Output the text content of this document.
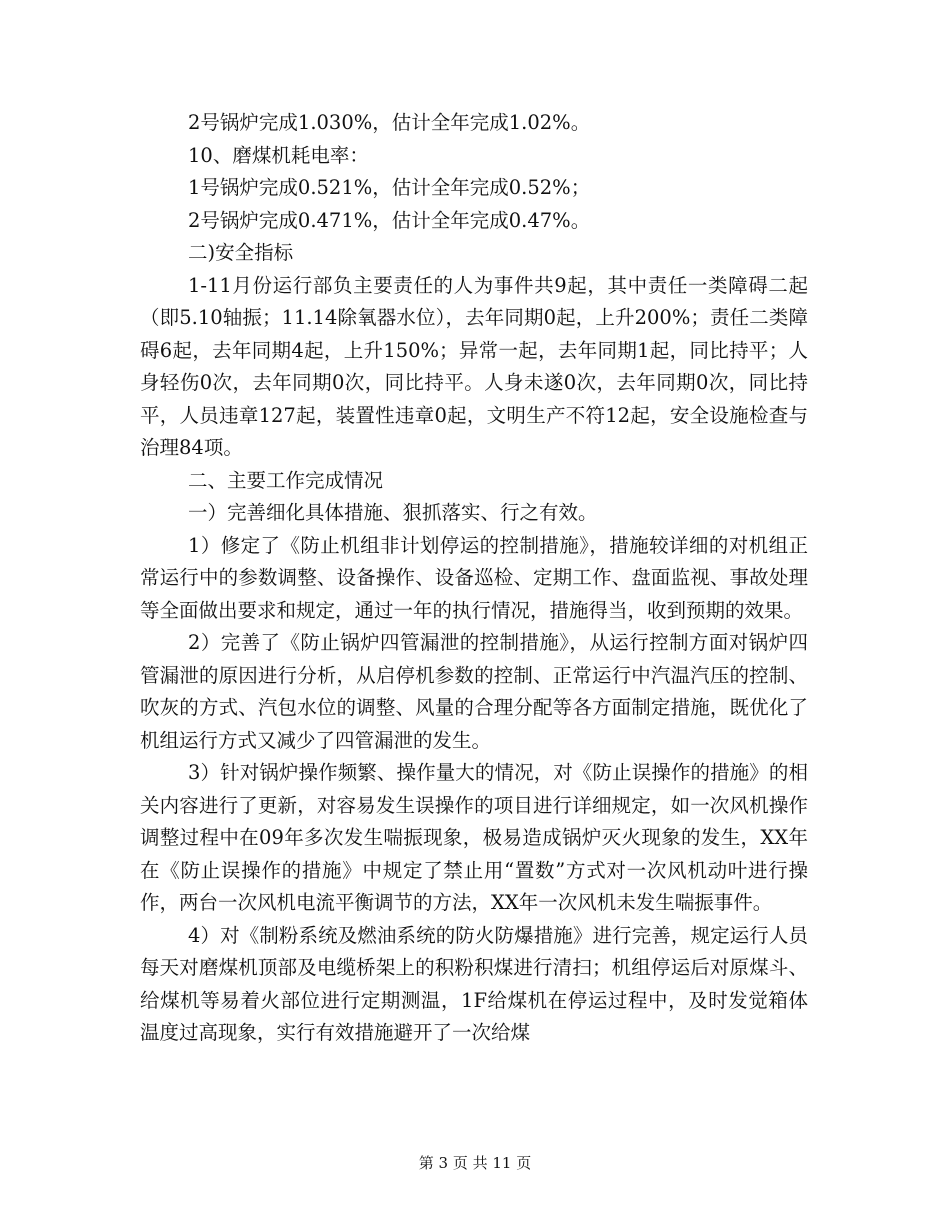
2号锅炉完成1.030%，估计全年完成1.02%。

10、磨煤机耗电率：

1号锅炉完成0.521%，估计全年完成0.52%；

2号锅炉完成0.471%，估计全年完成0.47%。

二)安全指标

1-11月份运行部负主要责任的人为事件共9起，其中责任一类障碍二起（即5.10轴振；11.14除氧器水位），去年同期0起，上升200%；责任二类障碍6起，去年同期4起，上升150%；异常一起，去年同期1起，同比持平；人身轻伤0次，去年同期0次，同比持平。人身未遂0次，去年同期0次，同比持平，人员违章127起，装置性违章0起，文明生产不符12起，安全设施检查与治理84项。

二、主要工作完成情况

一）完善细化具体措施、狠抓落实、行之有效。

1）修定了《防止机组非计划停运的控制措施》，措施较详细的对机组正常运行中的参数调整、设备操作、设备巡检、定期工作、盘面监视、事故处理等全面做出要求和规定，通过一年的执行情况，措施得当，收到预期的效果。

2）完善了《防止锅炉四管漏泄的控制措施》，从运行控制方面对锅炉四管漏泄的原因进行分析，从启停机参数的控制、正常运行中汽温汽压的控制、吹灰的方式、汽包水位的调整、风量的合理分配等各方面制定措施，既优化了机组运行方式又减少了四管漏泄的发生。

3）针对锅炉操作频繁、操作量大的情况，对《防止误操作的措施》的相关内容进行了更新，对容易发生误操作的项目进行详细规定，如一次风机操作调整过程中在09年多次发生喘振现象，极易造成锅炉灭火现象的发生，XX年在《防止误操作的措施》中规定了禁止用“置数”方式对一次风机动叶进行操作，两台一次风机电流平衡调节的方法，XX年一次风机未发生喘振事件。

4）对《制粉系统及燃油系统的防火防爆措施》进行完善，规定运行人员每天对磨煤机顶部及电缆桥架上的积粉积煤进行清扫；机组停运后对原煤斗、给煤机等易着火部位进行定期测温，1F给煤机在停运过程中，及时发觉箱体温度过高现象，实行有效措施避开了一次给煤

第 3 页 共 11 页
